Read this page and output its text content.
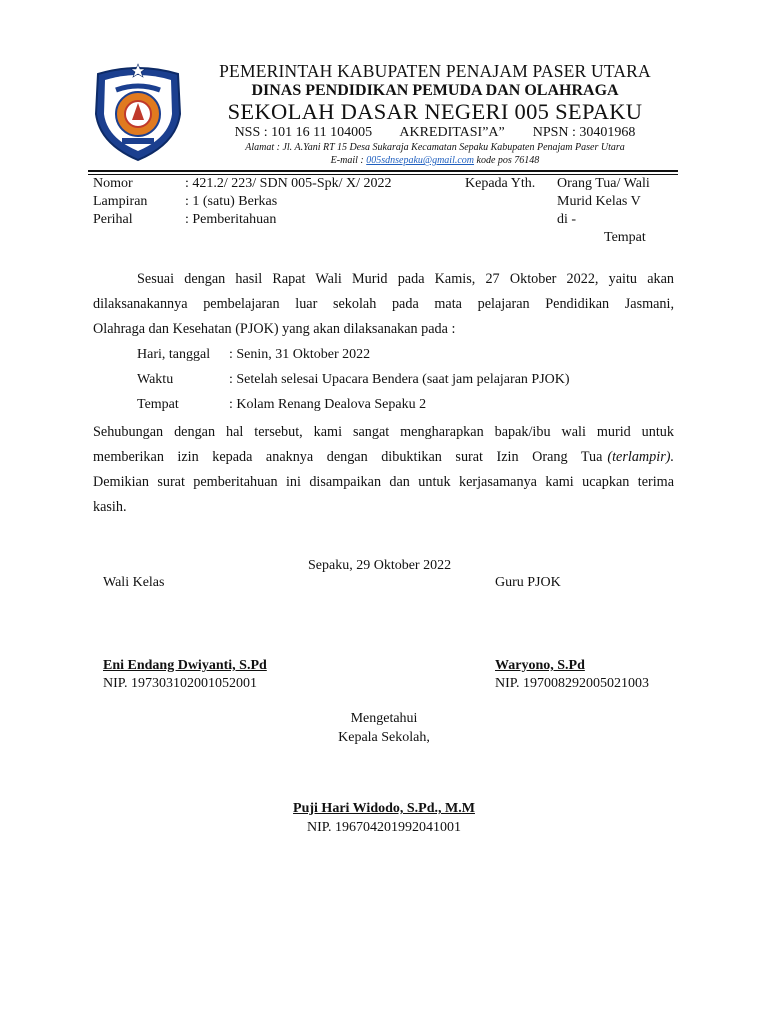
PEMERINTAH KABUPATEN PENAJAM PASER UTARA
DINAS PENDIDIKAN PEMUDA DAN OLAHRAGA
SEKOLAH DASAR NEGERI 005 SEPAKU
NSS : 101 16 11 104005        AKREDITASI”A”        NPSN : 30401968
Alamat : Jl. A.Yani RT 15 Desa Sukaraja Kecamatan Sepaku Kabupaten Penajam Paser Utara
E-mail : 005sdnsepaku@gmail.com kode pos 76148
Nomor	: 421.2/ 223/ SDN 005-Spk/ X/ 2022
Lampiran	: 1 (satu) Berkas
Perihal	: Pemberitahuan
Kepada Yth. Orang Tua/ Wali
Murid Kelas V
di -
Tempat
Sesuai dengan hasil Rapat Wali Murid pada Kamis, 27 Oktober 2022, yaitu akan
dilaksanakannya pembelajaran luar sekolah pada mata pelajaran Pendidikan Jasmani,
Olahraga dan Kesehatan (PJOK) yang akan dilaksanakan pada :
Hari, tanggal : Senin, 31 Oktober 2022
Waktu	: Setelah selesai Upacara Bendera (saat jam pelajaran PJOK)
Tempat	: Kolam Renang Dealova Sepaku 2
Sehubungan dengan hal tersebut, kami sangat mengharapkan bapak/ibu wali murid untuk
memberikan izin kepada anaknya dengan dibuktikan surat Izin Orang Tua (terlampir).
Demikian surat pemberitahuan ini disampaikan dan untuk kerjasamanya kami ucapkan terima
kasih.
Sepaku, 29 Oktober 2022
Wali Kelas	Guru PJOK
Eni Endang Dwiyanti, S.Pd
NIP. 197303102001052001
Waryono, S.Pd
NIP. 197008292005021003
Mengetahui
Kepala Sekolah,
Puji Hari Widodo, S.Pd., M.M
NIP. 196704201992041001
